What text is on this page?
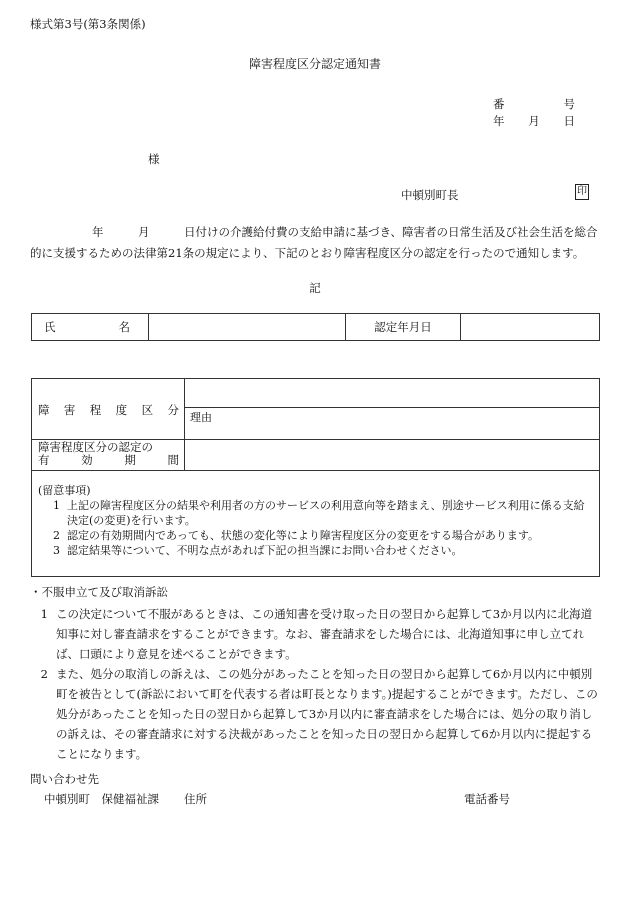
様式第3号(第3条関係)
障害程度区分認定通知書
番	号
年 月 日
様
中頓別町長	印
年　　　月　　　日付けの介護給付費の支給申請に基づき、障害者の日常生活及び社会生活を総合的に支援するための法律第21条の規定により、下記のとおり障害程度区分の認定を行ったので通知します。
記
氏名		認定年月日	
障 害 程 度 区 分
理由
障害程度区分の認定の
有	効	期	間
(留意事項)
1 上記の障害程度区分の結果や利用者の方のサービスの利用意向等を踏まえ、別途サービス利用に係る支給決定(の変更)を行います。
2 認定の有効期間内であっても、状態の変化等により障害程度区分の変更をする場合があります。
3 認定結果等について、不明な点があれば下記の担当課にお問い合わせください。
・不服申立て及び取消訴訟
1 この決定について不服があるときは、この通知書を受け取った日の翌日から起算して3か月以内に北海道知事に対し審査請求をすることができます。なお、審査請求をした場合には、北海道知事に申し立てれば、口頭により意見を述べることができます。
2 また、処分の取消しの訴えは、この処分があったことを知った日の翌日から起算して6か月以内に中頓別町を被告として(訴訟において町を代表する者は町長となります。)提起することができます。ただし、この処分があったことを知った日の翌日から起算して3か月以内に審査請求をした場合には、処分の取り消しの訴えは、その審査請求に対する決裁があったことを知った日の翌日から起算して6か月以内に提起することになります。
問い合わせ先
中頓別町　保健福祉課 住所	電話番号
